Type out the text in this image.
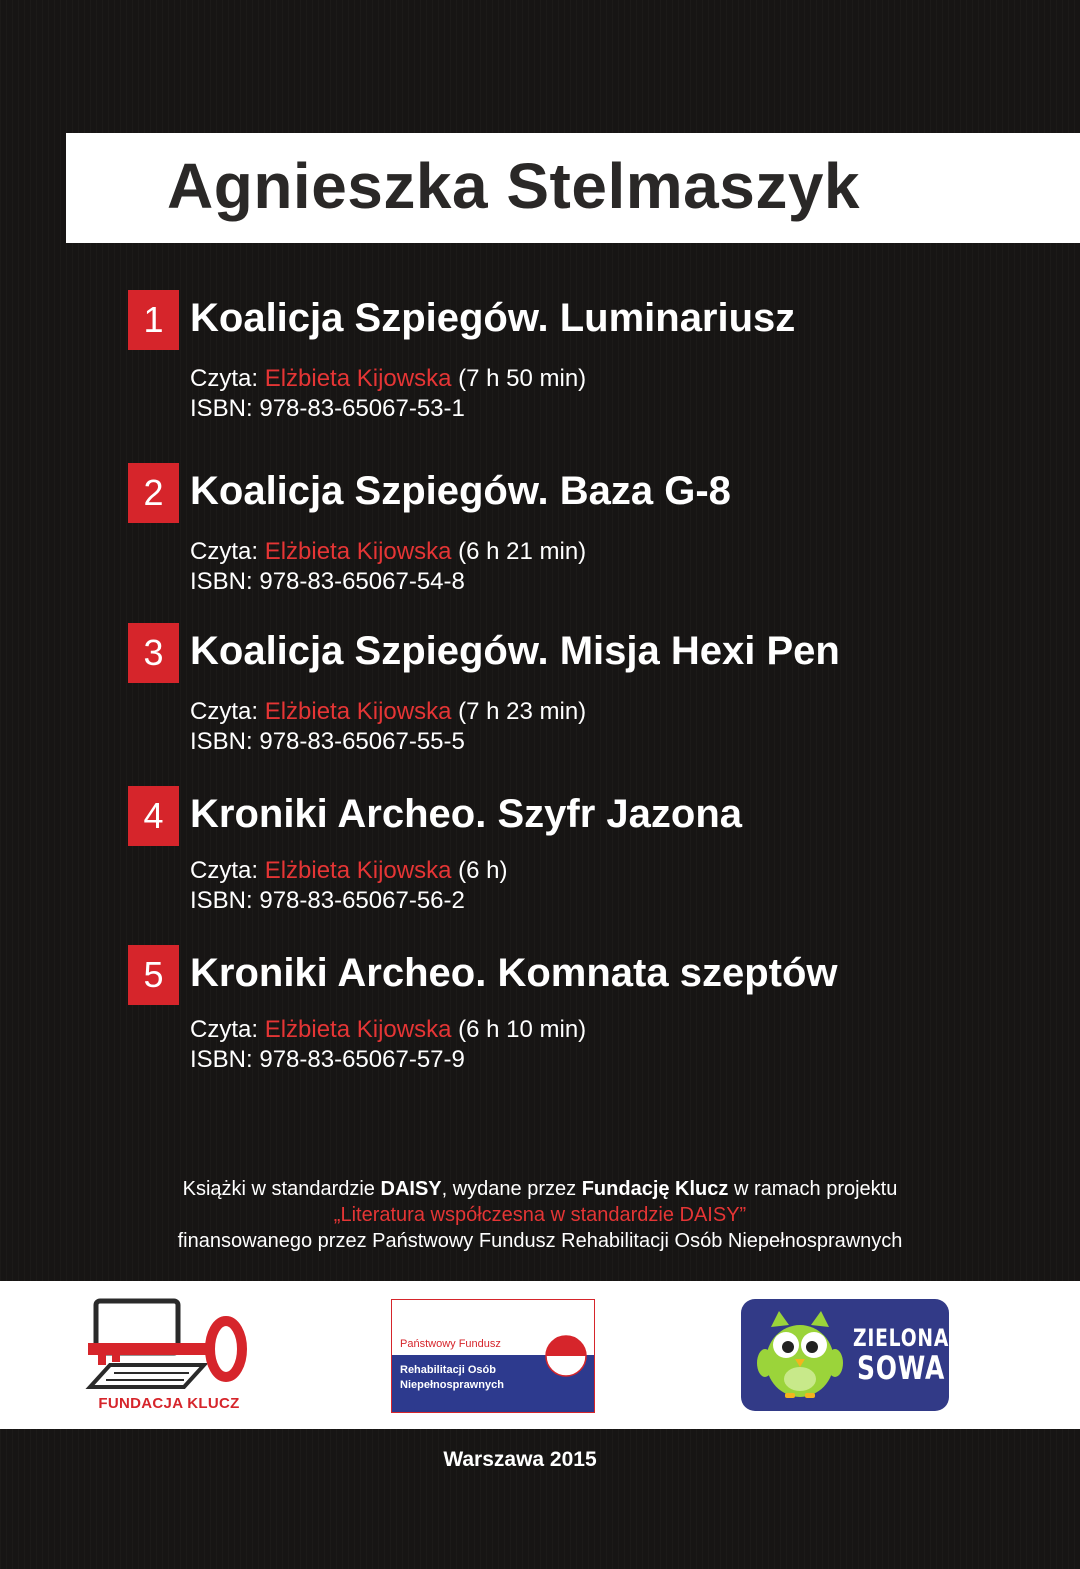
Agnieszka Stelmaszyk
1 Koalicja Szpiegów. Luminariusz
Czyta: Elżbieta Kijowska (7 h 50 min)
ISBN: 978-83-65067-53-1
2 Koalicja Szpiegów. Baza G-8
Czyta: Elżbieta Kijowska (6 h 21 min)
ISBN: 978-83-65067-54-8
3 Koalicja Szpiegów. Misja Hexi Pen
Czyta: Elżbieta Kijowska (7 h 23 min)
ISBN: 978-83-65067-55-5
4 Kroniki Archeo. Szyfr Jazona
Czyta: Elżbieta Kijowska (6 h)
ISBN: 978-83-65067-56-2
5 Kroniki Archeo. Komnata szeptów
Czyta: Elżbieta Kijowska (6 h 10 min)
ISBN: 978-83-65067-57-9
Książki w standardzie DAISY, wydane przez Fundację Klucz w ramach projektu
„Literatura współczesna w standardzie DAISY”
finansowanego przez Państwowy Fundusz Rehabilitacji Osób Niepełnosprawnych
FUNDACJA KLUCZ
Państwowy Fundusz
Rehabilitacji Osób
Niepełnosprawnych
ZIELONA
SOWA
Warszawa 2015
